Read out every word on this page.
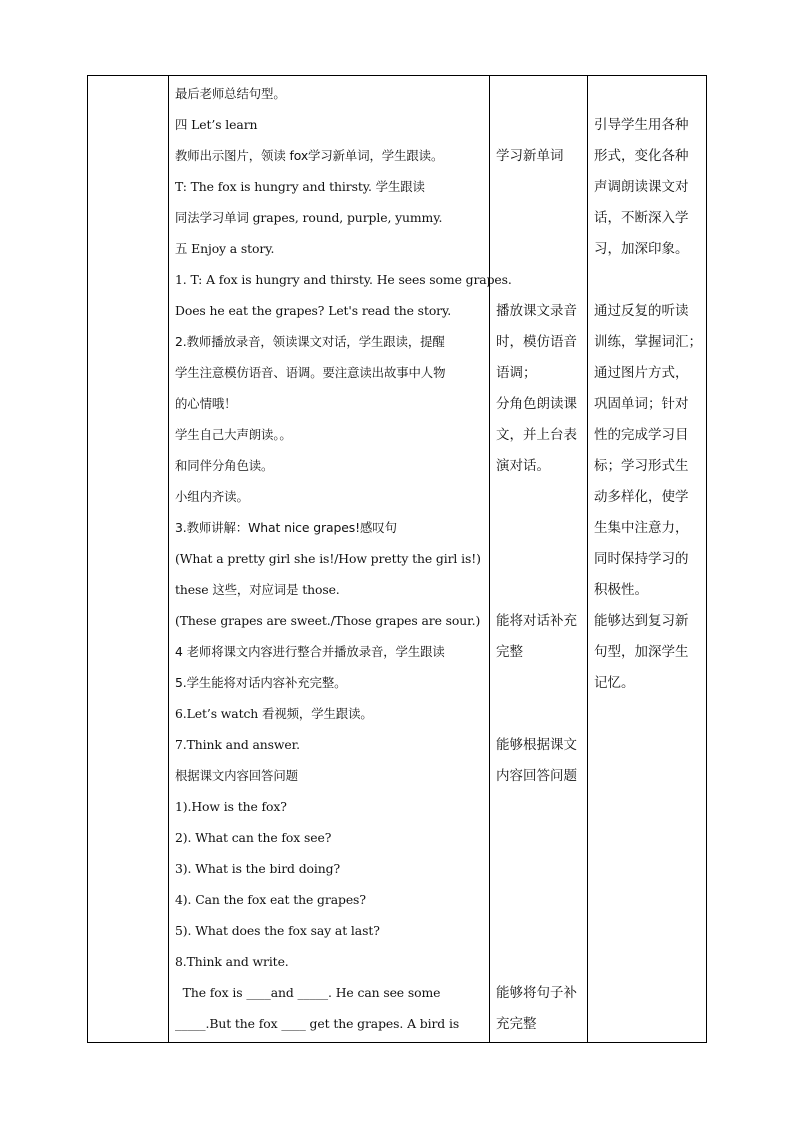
最后老师总结句型。
四 Let’s learn
教师出示图片，领读 fox学习新单词，学生跟读。
T: The fox is hungry and thirsty. 学生跟读
同法学习单词 grapes, round, purple, yummy.
五 Enjoy a story.
1. T: A fox is hungry and thirsty. He sees some grapes.
Does he eat the grapes? Let's read the story.
2.教师播放录音，领读课文对话，学生跟读，提醒
学生注意模仿语音、语调。要注意读出故事中人物
的心情哦！
学生自己大声朗读。。
和同伴分角色读。
小组内齐读。
3.教师讲解：What nice grapes!感叹句
(What a pretty girl she is!/How pretty the girl is!)
these 这些，对应词是 those.
(These grapes are sweet./Those grapes are sour.)
4 老师将课文内容进行整合并播放录音，学生跟读
5.学生能将对话内容补充完整。
6.Let’s watch 看视频，学生跟读。
7.Think and answer.
根据课文内容回答问题
1).How is the fox?
2). What can the fox see?
3). What is the bird doing?
4). Can the fox eat the grapes?
5). What does the fox say at last?
8.Think and write.
The fox is ____and _____. He can see some
_____.But the fox ____ get the grapes. A bird is
学习新单词
播放课文录音
时，模仿语音
语调；
分角色朗读课
文，并上台表
演对话。
能将对话补充
完整
能够根据课文
内容回答问题
能够将句子补
充完整
引导学生用各种
形式，变化各种
声调朗读课文对
话，不断深入学
习，加深印象。
通过反复的听读
训练，掌握词汇；
通过图片方式，
巩固单词；针对
性的完成学习目
标；学习形式生
动多样化，使学
生集中注意力，
同时保持学习的
积极性。
能够达到复习新
句型，加深学生
记忆。
